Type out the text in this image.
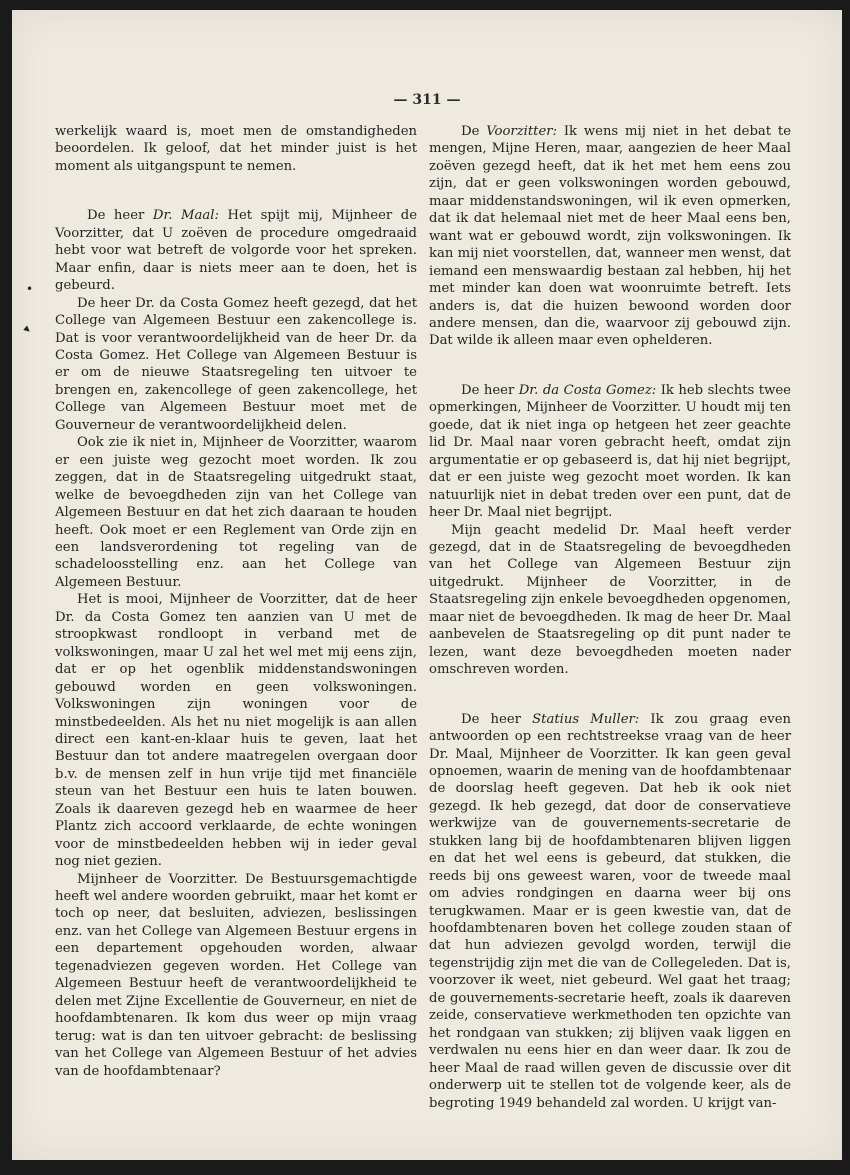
— 311 —

werkelijk waard is, moet men de omstandigheden beoordelen. Ik geloof, dat het minder juist is het moment als uitgangspunt te nemen.

De heer Dr. Maal: Het spijt mij, Mijnheer de Voorzitter, dat U zoëven de procedure omgedraaid hebt voor wat betreft de volgorde voor het spreken. Maar enfin, daar is niets meer aan te doen, het is gebeurd.

De heer Dr. da Costa Gomez heeft gezegd, dat het College van Algemeen Bestuur een zakencollege is. Dat is voor verantwoordelijkheid van de heer Dr. da Costa Gomez. Het College van Algemeen Bestuur is er om de nieuwe Staatsregeling ten uitvoer te brengen en, zakencollege of geen zakencollege, het College van Algemeen Bestuur moet met de Gouverneur de verantwoordelijkheid delen.

Ook zie ik niet in, Mijnheer de Voorzitter, waarom er een juiste weg gezocht moet worden. Ik zou zeggen, dat in de Staatsregeling uitgedrukt staat, welke de bevoegdheden zijn van het College van Algemeen Bestuur en dat het zich daaraan te houden heeft. Ook moet er een Reglement van Orde zijn en een landsverordening tot regeling van de schadeloosstelling enz. aan het College van Algemeen Bestuur.

Het is mooi, Mijnheer de Voorzitter, dat de heer Dr. da Costa Gomez ten aanzien van U met de stroopkwast rondloopt in verband met de volkswoningen, maar U zal het wel met mij eens zijn, dat er op het ogenblik middenstandswoningen gebouwd worden en geen volkswoningen. Volkswoningen zijn woningen voor de minstbedeelden. Als het nu niet mogelijk is aan allen direct een kant-en-klaar huis te geven, laat het Bestuur dan tot andere maatregelen overgaan door b.v. de mensen zelf in hun vrije tijd met financiële steun van het Bestuur een huis te laten bouwen. Zoals ik daareven gezegd heb en waarmee de heer Plantz zich accoord verklaarde, de echte woningen voor de minstbedeelden hebben wij in ieder geval nog niet gezien.

Mijnheer de Voorzitter. De Bestuursgemachtigde heeft wel andere woorden gebruikt, maar het komt er toch op neer, dat besluiten, adviezen, beslissingen enz. van het College van Algemeen Bestuur ergens in een departement opgehouden worden, alwaar tegenadviezen gegeven worden. Het College van Algemeen Bestuur heeft de verantwoordelijkheid te delen met Zijne Excellentie de Gouverneur, en niet de hoofdambtenaren. Ik kom dus weer op mijn vraag terug: wat is dan ten uitvoer gebracht: de beslissing van het College van Algemeen Bestuur of het advies van de hoofdambtenaar?

De Voorzitter: Ik wens mij niet in het debat te mengen, Mijne Heren, maar, aangezien de heer Maal zoëven gezegd heeft, dat ik het met hem eens zou zijn, dat er geen volkswoningen worden gebouwd, maar middenstandswoningen, wil ik even opmerken, dat ik dat helemaal niet met de heer Maal eens ben, want wat er gebouwd wordt, zijn volkswoningen. Ik kan mij niet voorstellen, dat, wanneer men wenst, dat iemand een menswaardig bestaan zal hebben, hij het met minder kan doen wat woonruimte betreft. Iets anders is, dat die huizen bewoond worden door andere mensen, dan die, waarvoor zij gebouwd zijn. Dat wilde ik alleen maar even ophelderen.

De heer Dr. da Costa Gomez: Ik heb slechts twee opmerkingen, Mijnheer de Voorzitter. U houdt mij ten goede, dat ik niet inga op hetgeen het zeer geachte lid Dr. Maal naar voren gebracht heeft, omdat zijn argumentatie er op gebaseerd is, dat hij niet begrijpt, dat er een juiste weg gezocht moet worden. Ik kan natuurlijk niet in debat treden over een punt, dat de heer Dr. Maal niet begrijpt.

Mijn geacht medelid Dr. Maal heeft verder gezegd, dat in de Staatsregeling de bevoegdheden van het College van Algemeen Bestuur zijn uitgedrukt. Mijnheer de Voorzitter, in de Staatsregeling zijn enkele bevoegdheden opgenomen, maar niet de bevoegdheden. Ik mag de heer Dr. Maal aanbevelen de Staatsregeling op dit punt nader te lezen, want deze bevoegdheden moeten nader omschreven worden.

De heer Statius Muller: Ik zou graag even antwoorden op een rechtstreekse vraag van de heer Dr. Maal, Mijnheer de Voorzitter. Ik kan geen geval opnoemen, waarin de mening van de hoofdambtenaar de doorslag heeft gegeven. Dat heb ik ook niet gezegd. Ik heb gezegd, dat door de conservatieve werkwijze van de gouvernements-secretarie de stukken lang bij de hoofdambtenaren blijven liggen en dat het wel eens is gebeurd, dat stukken, die reeds bij ons geweest waren, voor de tweede maal om advies rondgingen en daarna weer bij ons terugkwamen. Maar er is geen kwestie van, dat de hoofdambtenaren boven het college zouden staan of dat hun adviezen gevolgd worden, terwijl die tegenstrijdig zijn met die van de Collegeleden. Dat is, voorzover ik weet, niet gebeurd. Wel gaat het traag; de gouvernements-secretarie heeft, zoals ik daareven zeide, conservatieve werkmethoden ten opzichte van het rondgaan van stukken; zij blijven vaak liggen en verdwalen nu eens hier en dan weer daar. Ik zou de heer Maal de raad willen geven de discussie over dit onderwerp uit te stellen tot de volgende keer, als de begroting 1949 behandeld zal worden. U krijgt van-

•
▸
